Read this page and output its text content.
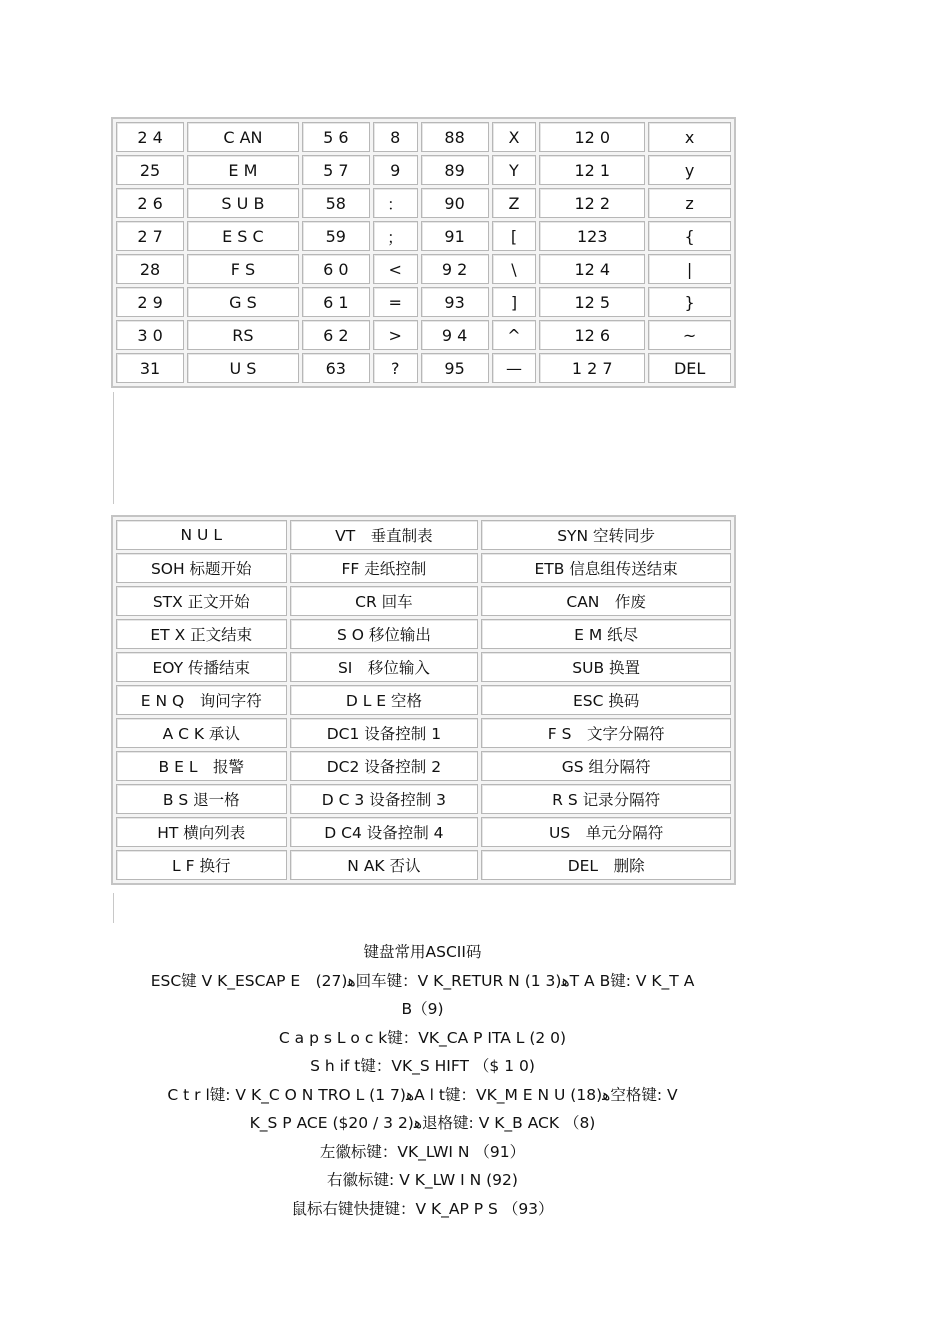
2 4	C AN	5 6	8	88	X	12 0	x
25	E M	5 7	9	89	Y	12 1	y
2 6	S U B	58	：	90	Z	12 2	z
2 7	E S C	59	；	91	[	123	{
28	F S	6 0	<	9 2	\	12 4	|
2 9	G S	6 1	=	93	]	12 5	}
3 0	RS	6 2	>	9 4	^	12 6	~
31	U S	63	?	95	—	1 2 7	DEL
N U L	VT　垂直制表	SYN 空转同步
SOH 标题开始	FF 走纸控制	ETB 信息组传送结束
STX 正文开始	CR 回车	CAN　作废
ET X 正文结束	S O 移位输出	E M 纸尽
EOY 传播结束	SI　移位输入	SUB 换置
E N Q　询问字符	D L E 空格	ESC 换码
A C K 承认	DC1 设备控制 1	F S　文字分隔符
B E L　报警	DC2 设备控制 2	GS 组分隔符
B S 退一格	D C 3 设备控制 3	R S 记录分隔符
HT 横向列表	D C4 设备控制 4	US　单元分隔符
L F 换行	N AK 否认	DEL　删除
键盘常用ASCII码
ESC键 V K_ESCAP E　(27)ﻫ回车键：V K_RETUR N (1 3)ﻫT A B键: V K_T A
B（9)
C a p s L o c k键：VK_CA P ITA L (2 0)
S h if t键：VK_S HIFT （$ 1 0)
C t r l键: V K_C O N TRO L (1 7)ﻫA l t键：VK_M E N U (18)ﻫ空格键: V
K_S P ACE ($20 / 3 2)ﻫ退格键: V K_B ACK （8)
左徽标键：VK_LWI N （91）
右徽标键: V K_LW I N (92)
鼠标右键快捷键：V K_AP P S （93）
